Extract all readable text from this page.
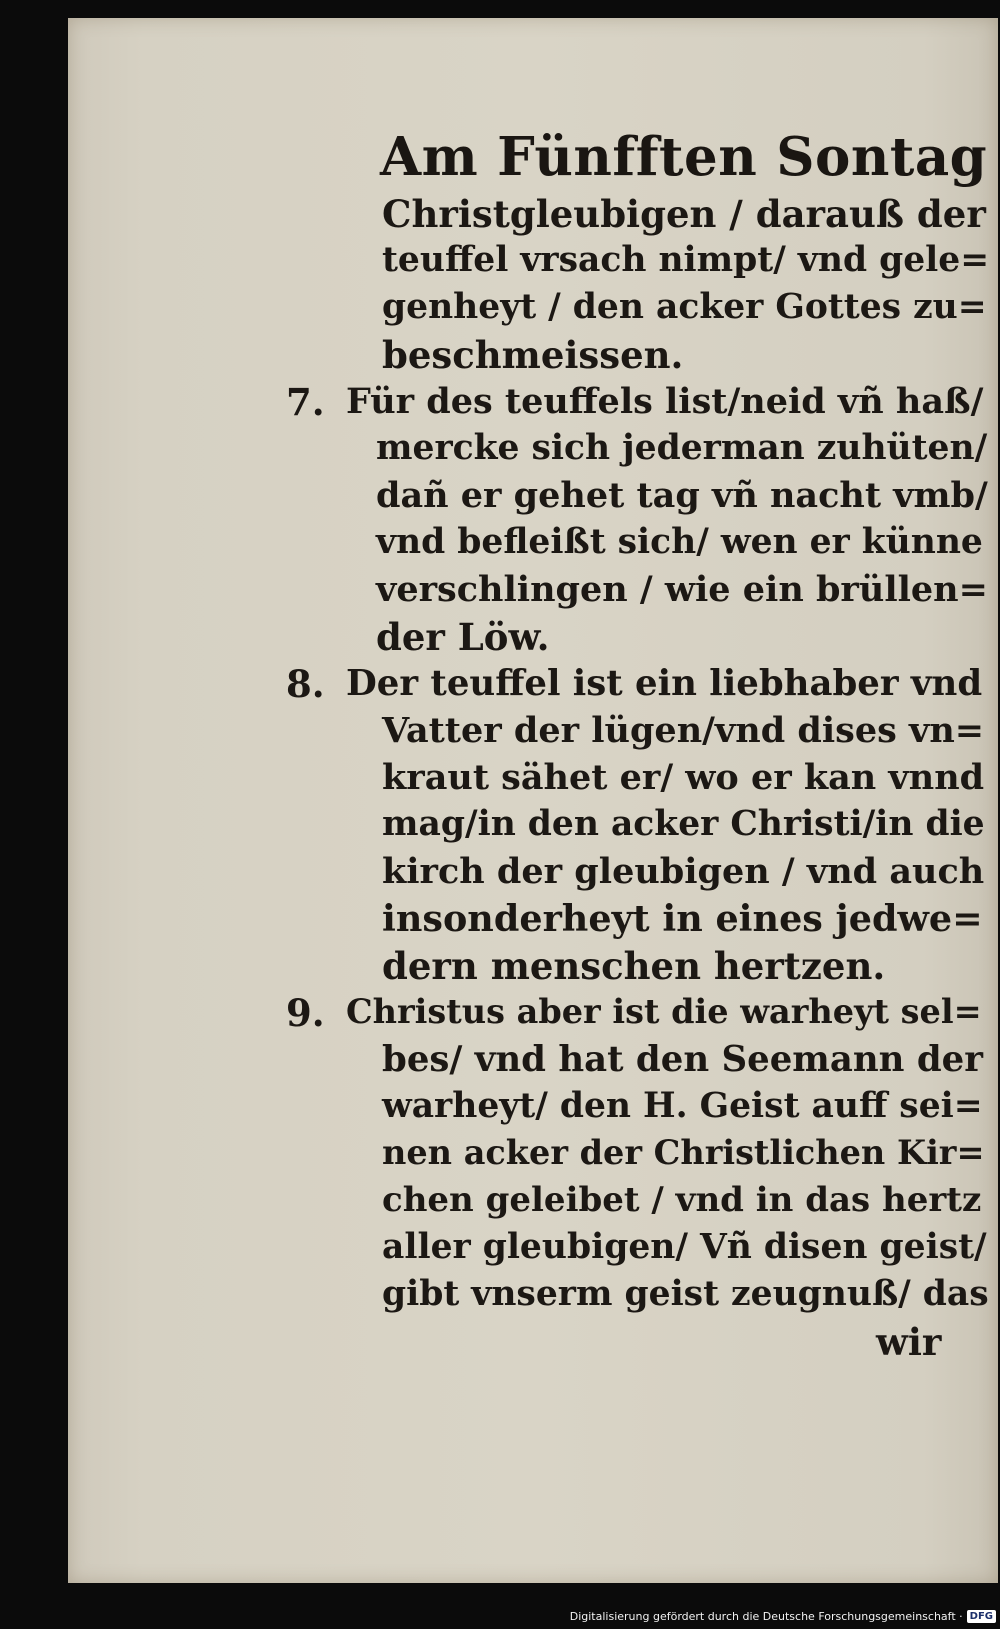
Am Fünfften Sontag
Christgleubigen / darauß der
teuffel vrsach nimpt/ vnd gele=
genheyt / den acker Gottes zu=
beschmeissen.
7. Für des teuffels list/neid vñ haß/
mercke sich jederman zuhüten/
dañ er gehet tag vñ nacht vmb/
vnd befleißt sich/ wen er künne
verschlingen / wie ein brüllen=
der Löw.
8. Der teuffel ist ein liebhaber vnd
Vatter der lügen/vnd dises vn=
kraut sähet er/ wo er kan vnnd
mag/in den acker Christi/in die
kirch der gleubigen / vnd auch
insonderheyt in eines jedwe=
dern menschen hertzen.
9. Christus aber ist die warheyt sel=
bes/ vnd hat den Seemann der
warheyt/ den H. Geist auff sei=
nen acker der Christlichen Kir=
chen geleibet / vnd in das hertz
aller gleubigen/ Vñ disen geist/
gibt vnserm geist zeugnuß/ das
wir
Digitalisierung gefördert durch die Deutsche Forschungsgemeinschaft · DFG
